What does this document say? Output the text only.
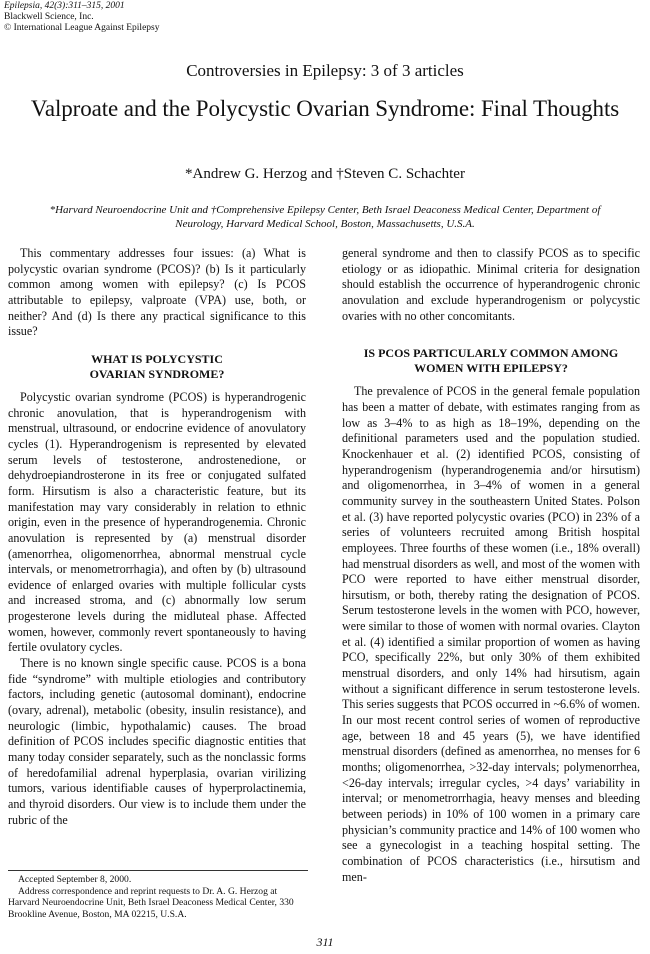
Epilepsia, 42(3):311–315, 2001
Blackwell Science, Inc.
© International League Against Epilepsy
Controversies in Epilepsy: 3 of 3 articles
Valproate and the Polycystic Ovarian Syndrome: Final Thoughts
*Andrew G. Herzog and †Steven C. Schachter
*Harvard Neuroendocrine Unit and †Comprehensive Epilepsy Center, Beth Israel Deaconess Medical Center, Department of Neurology, Harvard Medical School, Boston, Massachusetts, U.S.A.

This commentary addresses four issues: (a) What is polycystic ovarian syndrome (PCOS)? (b) Is it particularly common among women with epilepsy? (c) Is PCOS attributable to epilepsy, valproate (VPA) use, both, or neither? And (d) Is there any practical significance to this issue?

WHAT IS POLYCYSTIC
OVARIAN SYNDROME?

Polycystic ovarian syndrome (PCOS) is hyperandrogenic chronic anovulation, that is hyperandrogenism with menstrual, ultrasound, or endocrine evidence of anovulatory cycles (1). Hyperandrogenism is represented by elevated serum levels of testosterone, androstenedione, or dehydroepiandrosterone in its free or conjugated sulfated form. Hirsutism is also a characteristic feature, but its manifestation may vary considerably in relation to ethnic origin, even in the presence of hyperandrogenemia. Chronic anovulation is represented by (a) menstrual disorder (amenorrhea, oligomenorrhea, abnormal menstrual cycle intervals, or menometrorrhagia), and often by (b) ultrasound evidence of enlarged ovaries with multiple follicular cysts and increased stroma, and (c) abnormally low serum progesterone levels during the midluteal phase. Affected women, however, commonly revert spontaneously to having fertile ovulatory cycles.

There is no known single specific cause. PCOS is a bona fide “syndrome” with multiple etiologies and contributory factors, including genetic (autosomal dominant), endocrine (ovary, adrenal), metabolic (obesity, insulin resistance), and neurologic (limbic, hypothalamic) causes. The broad definition of PCOS includes specific diagnostic entities that many today consider separately, such as the nonclassic forms of heredofamilial adrenal hyperplasia, ovarian virilizing tumors, various identifiable causes of hyperprolactinemia, and thyroid disorders. Our view is to include them under the rubric of the

general syndrome and then to classify PCOS as to specific etiology or as idiopathic. Minimal criteria for designation should establish the occurrence of hyperandrogenic chronic anovulation and exclude hyperandrogenism or polycystic ovaries with no other concomitants.

IS PCOS PARTICULARLY COMMON AMONG
WOMEN WITH EPILEPSY?

The prevalence of PCOS in the general female population has been a matter of debate, with estimates ranging from as low as 3–4% to as high as 18–19%, depending on the definitional parameters used and the population studied. Knockenhauer et al. (2) identified PCOS, consisting of hyperandrogenism (hyperandrogenemia and/or hirsutism) and oligomenorrhea, in 3–4% of women in a general community survey in the southeastern United States. Polson et al. (3) have reported polycystic ovaries (PCO) in 23% of a series of volunteers recruited among British hospital employees. Three fourths of these women (i.e., 18% overall) had menstrual disorders as well, and most of the women with PCO were reported to have either menstrual disorder, hirsutism, or both, thereby rating the designation of PCOS. Serum testosterone levels in the women with PCO, however, were similar to those of women with normal ovaries. Clayton et al. (4) identified a similar proportion of women as having PCO, specifically 22%, but only 30% of them exhibited menstrual disorders, and only 14% had hirsutism, again without a significant difference in serum testosterone levels. This series suggests that PCOS occurred in ~6.6% of women. In our most recent control series of women of reproductive age, between 18 and 45 years (5), we have identified menstrual disorders (defined as amenorrhea, no menses for 6 months; oligomenorrhea, >32-day intervals; polymenorrhea, <26-day intervals; irregular cycles, >4 days’ variability in interval; or menometrorrhagia, heavy menses and bleeding between periods) in 10% of 100 women in a primary care physician’s community practice and 14% of 100 women who see a gynecologist in a teaching hospital setting. The combination of PCOS characteristics (i.e., hirsutism and men-

Accepted September 8, 2000.

Address correspondence and reprint requests to Dr. A. G. Herzog at Harvard Neuroendocrine Unit, Beth Israel Deaconess Medical Center, 330 Brookline Avenue, Boston, MA 02215, U.S.A.

311
